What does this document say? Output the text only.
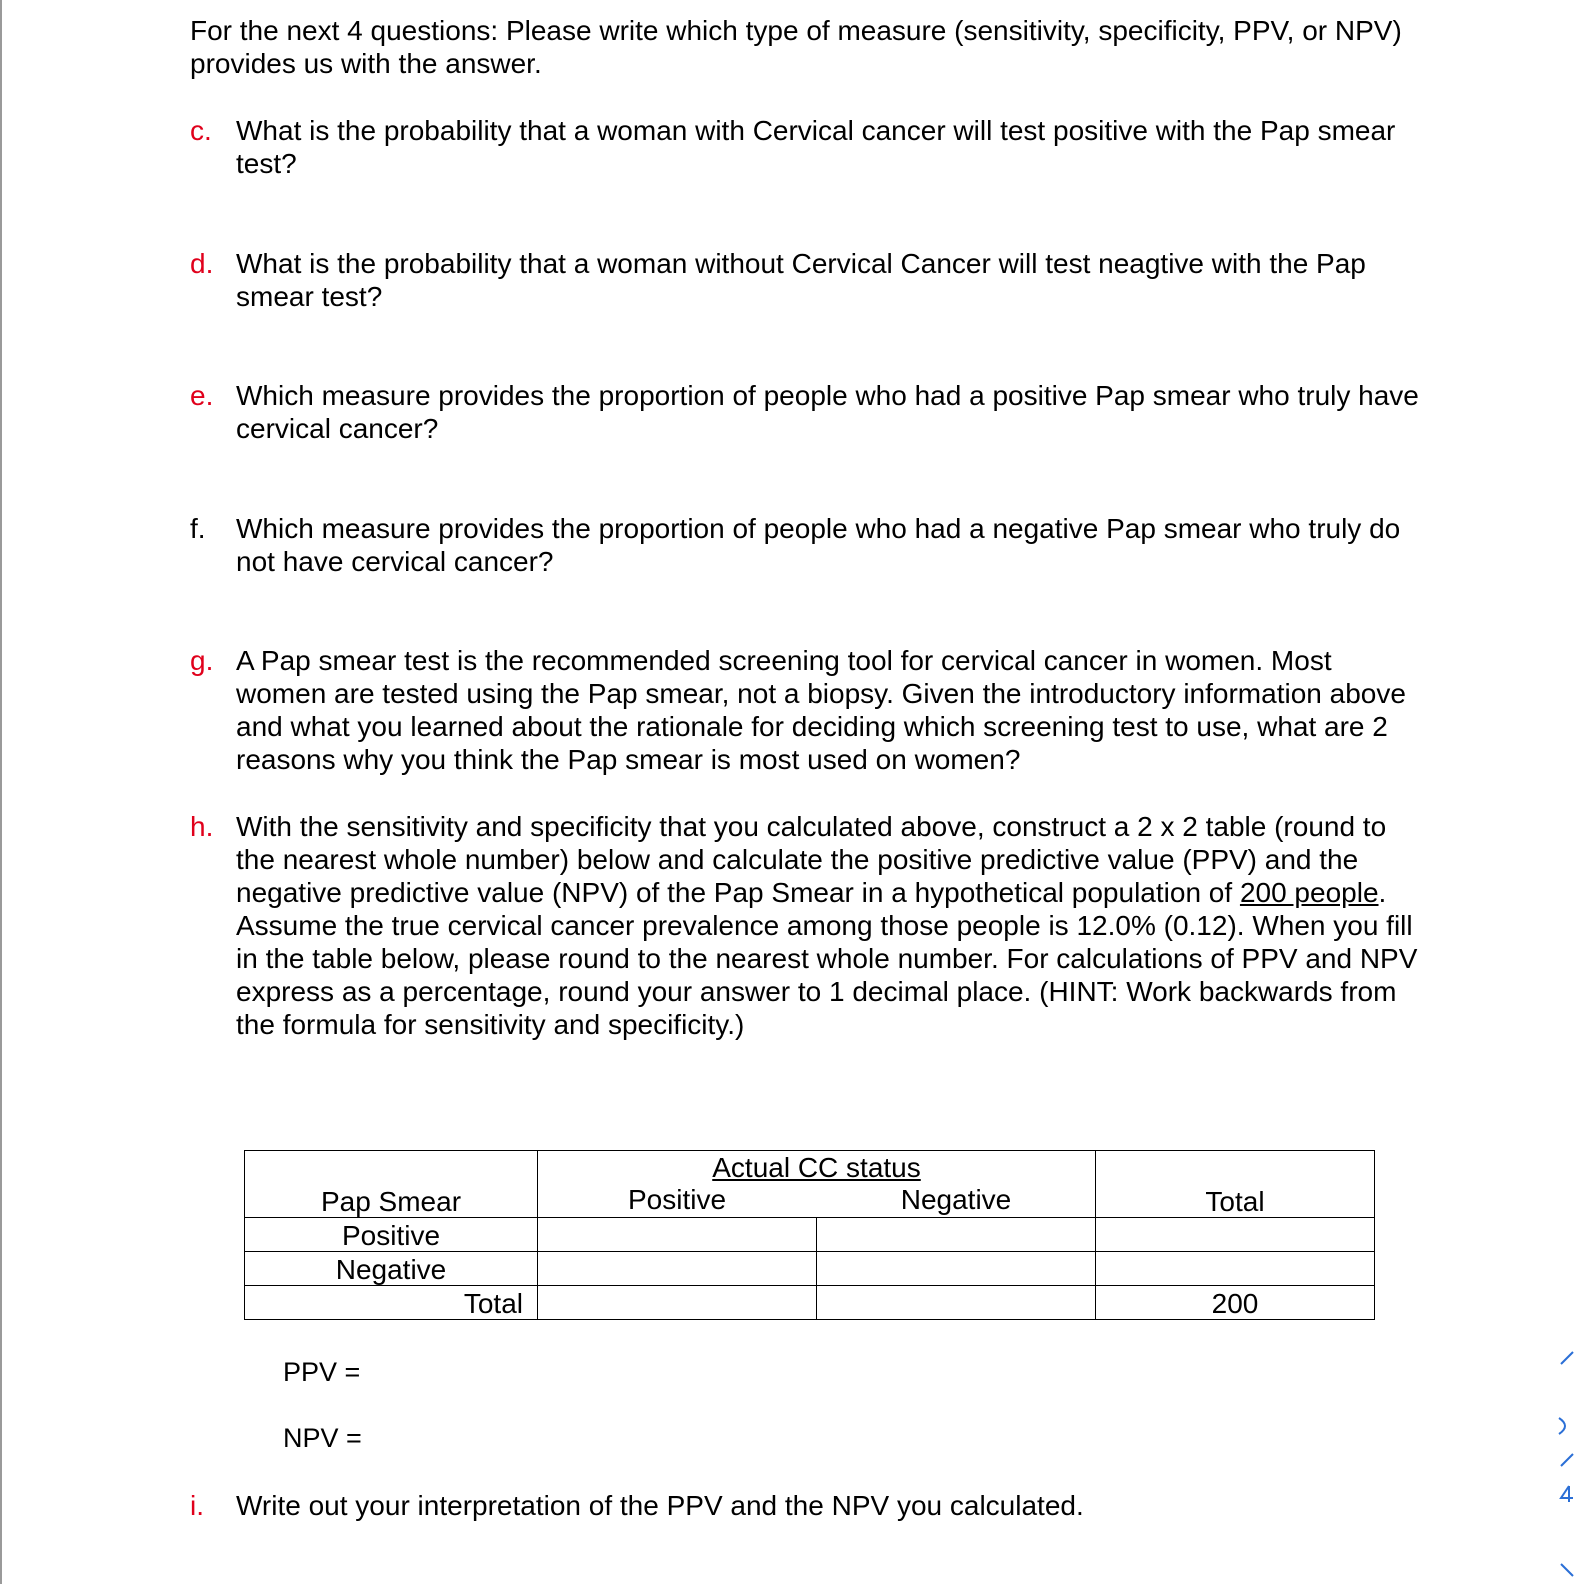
For the next 4 questions: Please write which type of measure (sensitivity, specificity, PPV, or NPV) provides us with the answer.
c. What is the probability that a woman with Cervical cancer will test positive with the Pap smear test?
d. What is the probability that a woman without Cervical Cancer will test neagtive with the Pap smear test?
e. Which measure provides the proportion of people who had a positive Pap smear who truly have cervical cancer?
f. Which measure provides the proportion of people who had a negative Pap smear who truly do not have cervical cancer?
g. A Pap smear test is the recommended screening tool for cervical cancer in women. Most women are tested using the Pap smear, not a biopsy. Given the introductory information above and what you learned about the rationale for deciding which screening test to use, what are 2 reasons why you think the Pap smear is most used on women?
h. With the sensitivity and specificity that you calculated above, construct a 2 x 2 table (round to the nearest whole number) below and calculate the positive predictive value (PPV) and the negative predictive value (NPV) of the Pap Smear in a hypothetical population of 200 people. Assume the true cervical cancer prevalence among those people is 12.0% (0.12). When you fill in the table below, please round to the nearest whole number. For calculations of PPV and NPV express as a percentage, round your answer to 1 decimal place. (HINT: Work backwards from the formula for sensitivity and specificity.)
Pap Smear	Actual CC status
Positive Negative		Total
Positive			
Negative			
Total			200
PPV =
NPV =
i. Write out your interpretation of the PPV and the NPV you calculated.
